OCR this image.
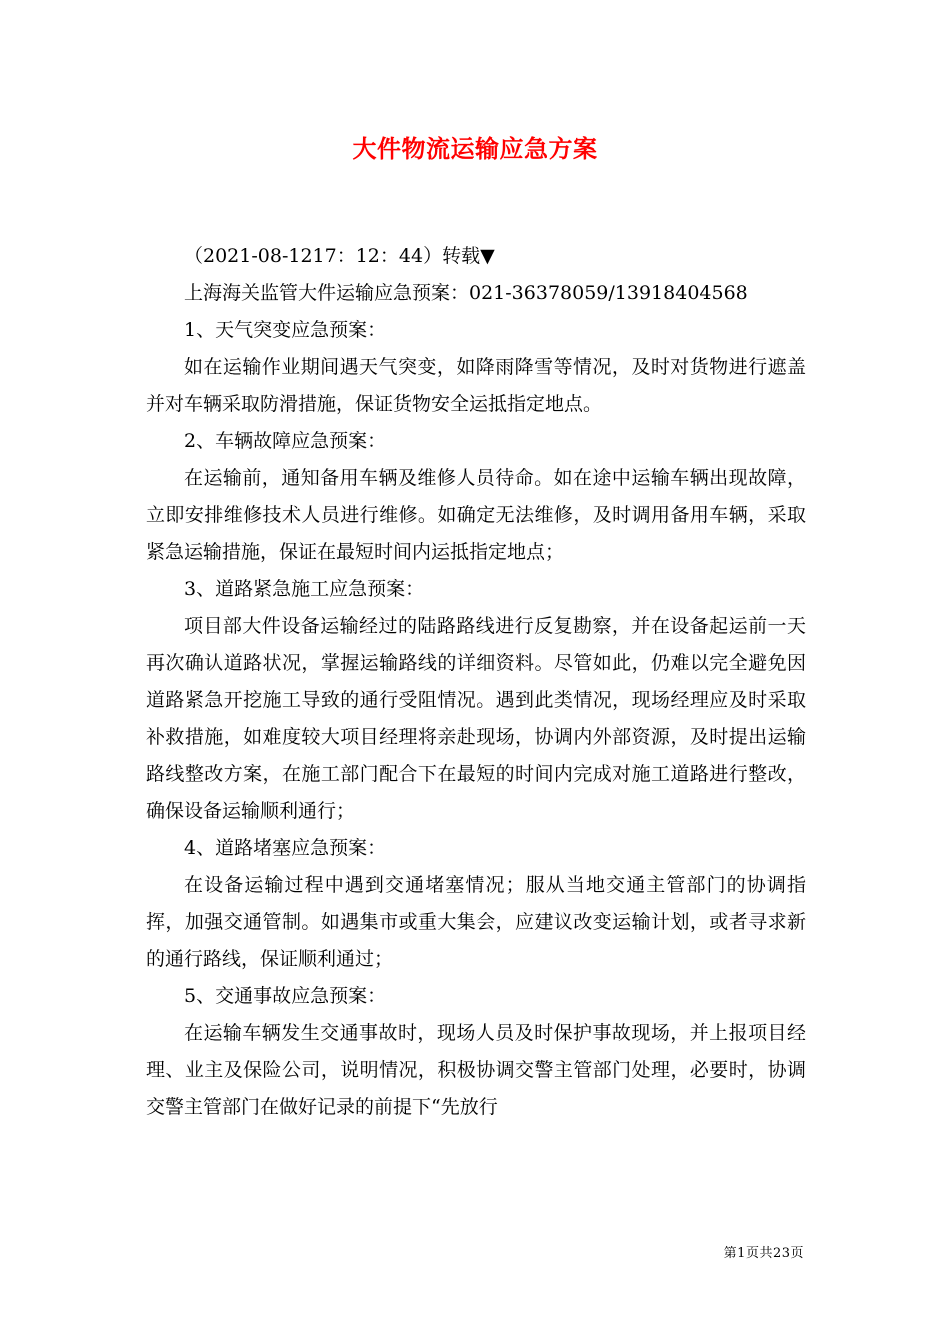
大件物流运输应急方案

（2021-08-1217：12：44）转载▼

上海海关监管大件运输应急预案：021-36378059/13918404568

1、天气突变应急预案：

如在运输作业期间遇天气突变，如降雨降雪等情况，及时对货物进行遮盖并对车辆采取防滑措施，保证货物安全运抵指定地点。

2、车辆故障应急预案：

在运输前，通知备用车辆及维修人员待命。如在途中运输车辆出现故障，立即安排维修技术人员进行维修。如确定无法维修，及时调用备用车辆，采取紧急运输措施，保证在最短时间内运抵指定地点；

3、道路紧急施工应急预案：

项目部大件设备运输经过的陆路路线进行反复勘察，并在设备起运前一天再次确认道路状况，掌握运输路线的详细资料。尽管如此，仍难以完全避免因道路紧急开挖施工导致的通行受阻情况。遇到此类情况，现场经理应及时采取补救措施，如难度较大项目经理将亲赴现场，协调内外部资源，及时提出运输路线整改方案，在施工部门配合下在最短的时间内完成对施工道路进行整改，确保设备运输顺利通行；

4、道路堵塞应急预案：

在设备运输过程中遇到交通堵塞情况；服从当地交通主管部门的协调指挥，加强交通管制。如遇集市或重大集会，应建议改变运输计划，或者寻求新的通行路线，保证顺利通过；

5、交通事故应急预案：

在运输车辆发生交通事故时，现场人员及时保护事故现场，并上报项目经理、业主及保险公司，说明情况，积极协调交警主管部门处理，必要时，协调交警主管部门在做好记录的前提下“先放行

第1页共23页
